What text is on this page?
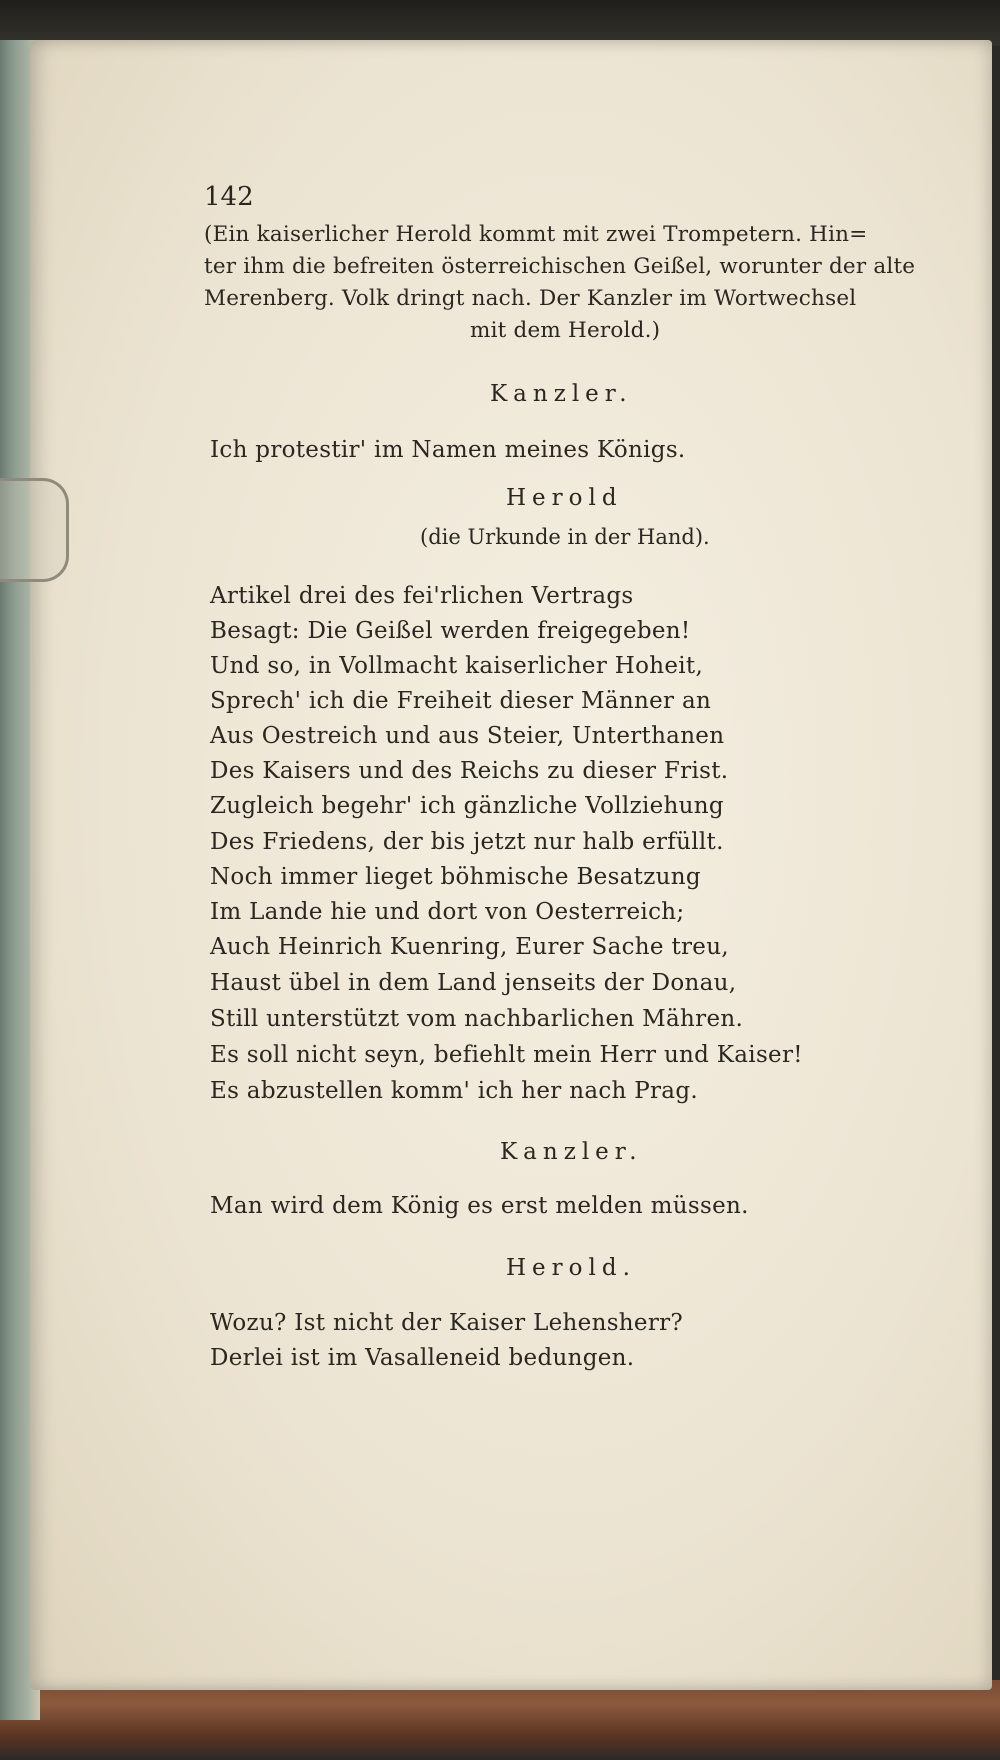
142
(Ein kaiserlicher Herold kommt mit zwei Trompetern. Hin=
ter ihm die befreiten österreichischen Geißel, worunter der alte
Merenberg. Volk dringt nach. Der Kanzler im Wortwechsel
mit dem Herold.)
Kanzler.
Ich protestir' im Namen meines Königs.
Herold
(die Urkunde in der Hand).
Artikel drei des fei'rlichen Vertrags
Besagt: Die Geißel werden freigegeben!
Und so, in Vollmacht kaiserlicher Hoheit,
Sprech' ich die Freiheit dieser Männer an
Aus Oestreich und aus Steier, Unterthanen
Des Kaisers und des Reichs zu dieser Frist.
Zugleich begehr' ich gänzliche Vollziehung
Des Friedens, der bis jetzt nur halb erfüllt.
Noch immer lieget böhmische Besatzung
Im Lande hie und dort von Oesterreich;
Auch Heinrich Kuenring, Eurer Sache treu,
Haust übel in dem Land jenseits der Donau,
Still unterstützt vom nachbarlichen Mähren.
Es soll nicht seyn, befiehlt mein Herr und Kaiser!
Es abzustellen komm' ich her nach Prag.
Kanzler.
Man wird dem König es erst melden müssen.
Herold.
Wozu? Ist nicht der Kaiser Lehensherr?
Derlei ist im Vasalleneid bedungen.
